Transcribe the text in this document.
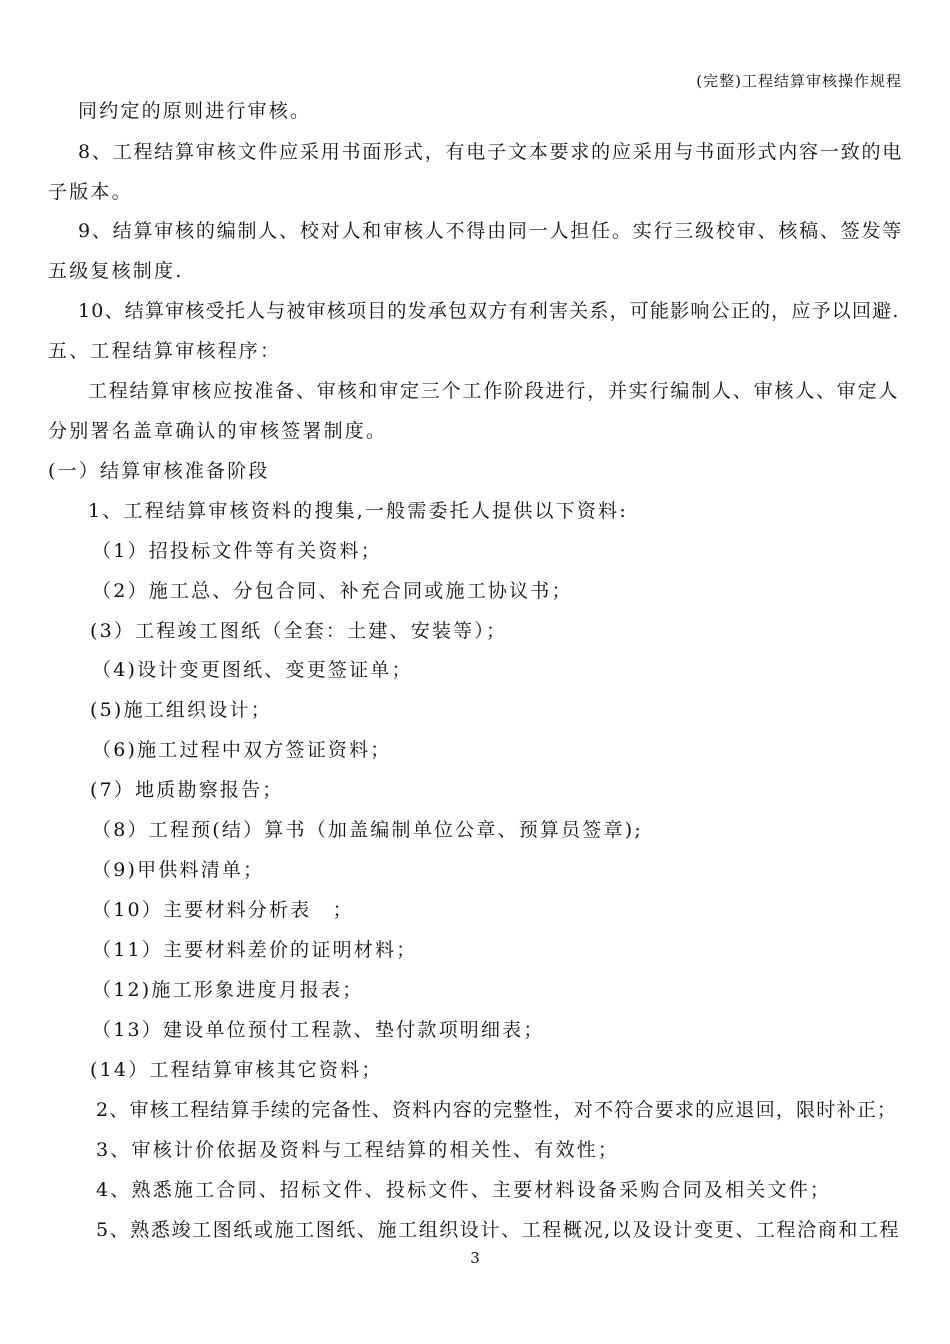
(完整)工程结算审核操作规程
同约定的原则进行审核。
8、工程结算审核文件应采用书面形式，有电子文本要求的应采用与书面形式内容一致的电
子版本。
9、结算审核的编制人、校对人和审核人不得由同一人担任。实行三级校审、核稿、签发等
五级复核制度.
10、结算审核受托人与被审核项目的发承包双方有利害关系，可能影响公正的，应予以回避.
五、工程结算审核程序：
工程结算审核应按准备、审核和审定三个工作阶段进行，并实行编制人、审核人、审定人
分别署名盖章确认的审核签署制度。
(一）结算审核准备阶段
1、工程结算审核资料的搜集,一般需委托人提供以下资料:
（1）招投标文件等有关资料；
（2）施工总、分包合同、补充合同或施工协议书；
(3）工程竣工图纸（全套：土建、安装等）；
（4)设计变更图纸、变更签证单；
(5)施工组织设计；
（6)施工过程中双方签证资料；
(7）地质勘察报告；
（8）工程预(结）算书（加盖编制单位公章、预算员签章);
（9)甲供料清单；
（10）主要材料分析表　；
（11）主要材料差价的证明材料；
（12)施工形象进度月报表；
（13）建设单位预付工程款、垫付款项明细表；
(14）工程结算审核其它资料；
2、审核工程结算手续的完备性、资料内容的完整性，对不符合要求的应退回，限时补正；
3、审核计价依据及资料与工程结算的相关性、有效性；
4、熟悉施工合同、招标文件、投标文件、主要材料设备采购合同及相关文件；
5、熟悉竣工图纸或施工图纸、施工组织设计、工程概况,以及设计变更、工程洽商和工程
3
